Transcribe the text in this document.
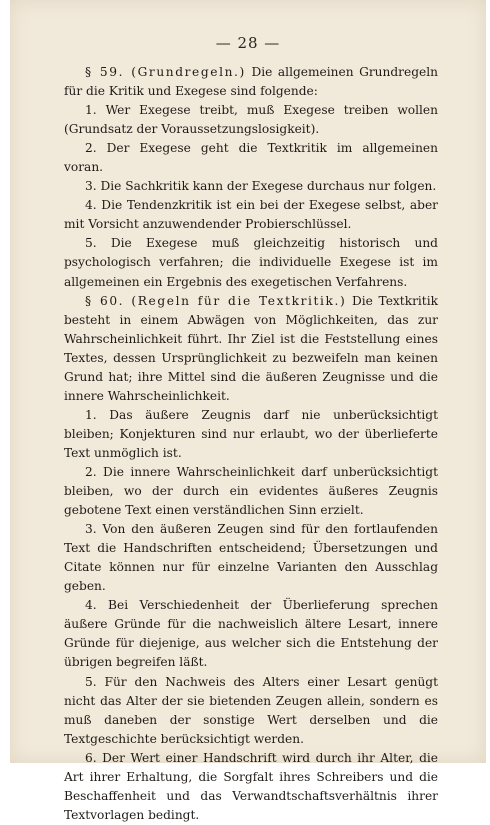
— 28 —

§ 59. (Grundregeln.) Die allgemeinen Grundregeln für die Kritik und Exegese sind folgende:

1. Wer Exegese treibt, muß Exegese treiben wollen (Grundsatz der Voraussetzungslosigkeit).

2. Der Exegese geht die Textkritik im allgemeinen voran.

3. Die Sachkritik kann der Exegese durchaus nur folgen.

4. Die Tendenzkritik ist ein bei der Exegese selbst, aber mit Vorsicht anzuwendender Probierschlüssel.

5. Die Exegese muß gleichzeitig historisch und psychologisch verfahren; die individuelle Exegese ist im allgemeinen ein Ergebnis des exegetischen Verfahrens.

§ 60. (Regeln für die Textkritik.) Die Textkritik besteht in einem Abwägen von Möglichkeiten, das zur Wahrscheinlichkeit führt. Ihr Ziel ist die Feststellung eines Textes, dessen Ursprünglichkeit zu bezweifeln man keinen Grund hat; ihre Mittel sind die äußeren Zeugnisse und die innere Wahrscheinlichkeit.

1. Das äußere Zeugnis darf nie unberücksichtigt bleiben; Konjekturen sind nur erlaubt, wo der überlieferte Text unmöglich ist.

2. Die innere Wahrscheinlichkeit darf unberücksichtigt bleiben, wo der durch ein evidentes äußeres Zeugnis gebotene Text einen verständlichen Sinn erzielt.

3. Von den äußeren Zeugen sind für den fortlaufenden Text die Handschriften entscheidend; Übersetzungen und Citate können nur für einzelne Varianten den Ausschlag geben.

4. Bei Verschiedenheit der Überlieferung sprechen äußere Gründe für die nachweislich ältere Lesart, innere Gründe für diejenige, aus welcher sich die Entstehung der übrigen begreifen läßt.

5. Für den Nachweis des Alters einer Lesart genügt nicht das Alter der sie bietenden Zeugen allein, sondern es muß daneben der sonstige Wert derselben und die Textgeschichte berücksichtigt werden.

6. Der Wert einer Handschrift wird durch ihr Alter, die Art ihrer Erhaltung, die Sorgfalt ihres Schreibers und die Beschaffenheit und das Verwandtschaftsverhältnis ihrer Textvorlagen bedingt.
